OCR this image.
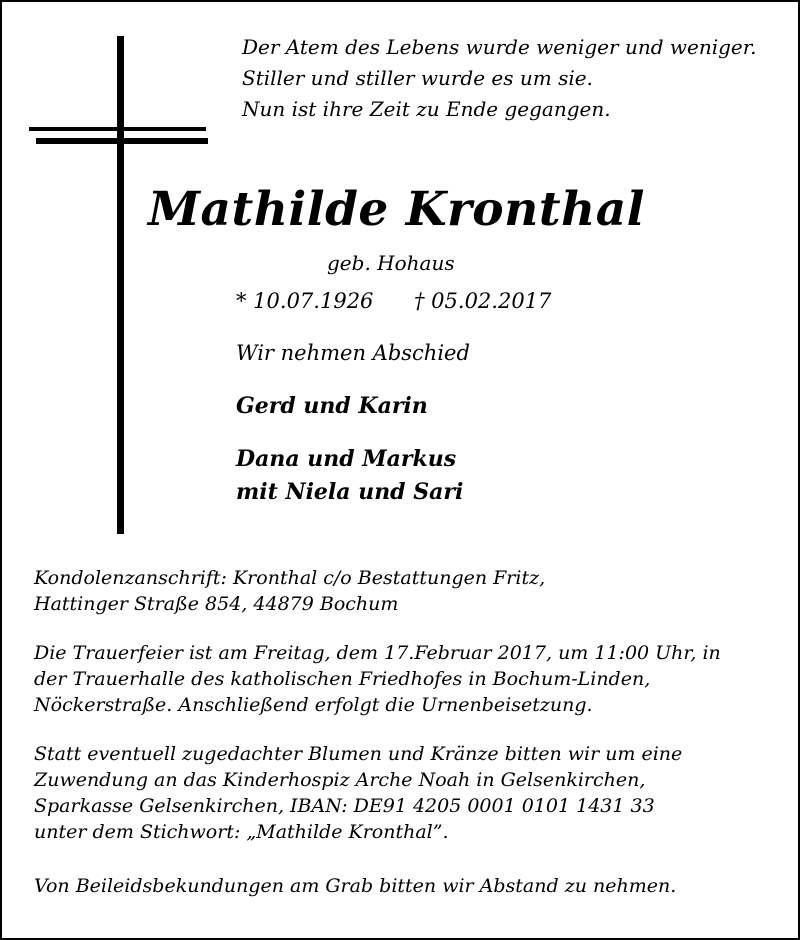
Der Atem des Lebens wurde weniger und weniger.
Stiller und stiller wurde es um sie.
Nun ist ihre Zeit zu Ende gegangen.
Mathilde Kronthal
geb. Hohaus
* 10.07.1926 † 05.02.2017
Wir nehmen Abschied
Gerd und Karin
Dana und Markus
mit Niela und Sari
Kondolenzanschrift: Kronthal c/o Bestattungen Fritz,
Hattinger Straße 854, 44879 Bochum
Die Trauerfeier ist am Freitag, dem 17.Februar 2017, um 11:00 Uhr, in
der Trauerhalle des katholischen Friedhofes in Bochum-Linden,
Nöckerstraße. Anschließend erfolgt die Urnenbeisetzung.
Statt eventuell zugedachter Blumen und Kränze bitten wir um eine
Zuwendung an das Kinderhospiz Arche Noah in Gelsenkirchen,
Sparkasse Gelsenkirchen, IBAN: DE91 4205 0001 0101 1431 33
unter dem Stichwort: „Mathilde Kronthal”.
Von Beileidsbekundungen am Grab bitten wir Abstand zu nehmen.
